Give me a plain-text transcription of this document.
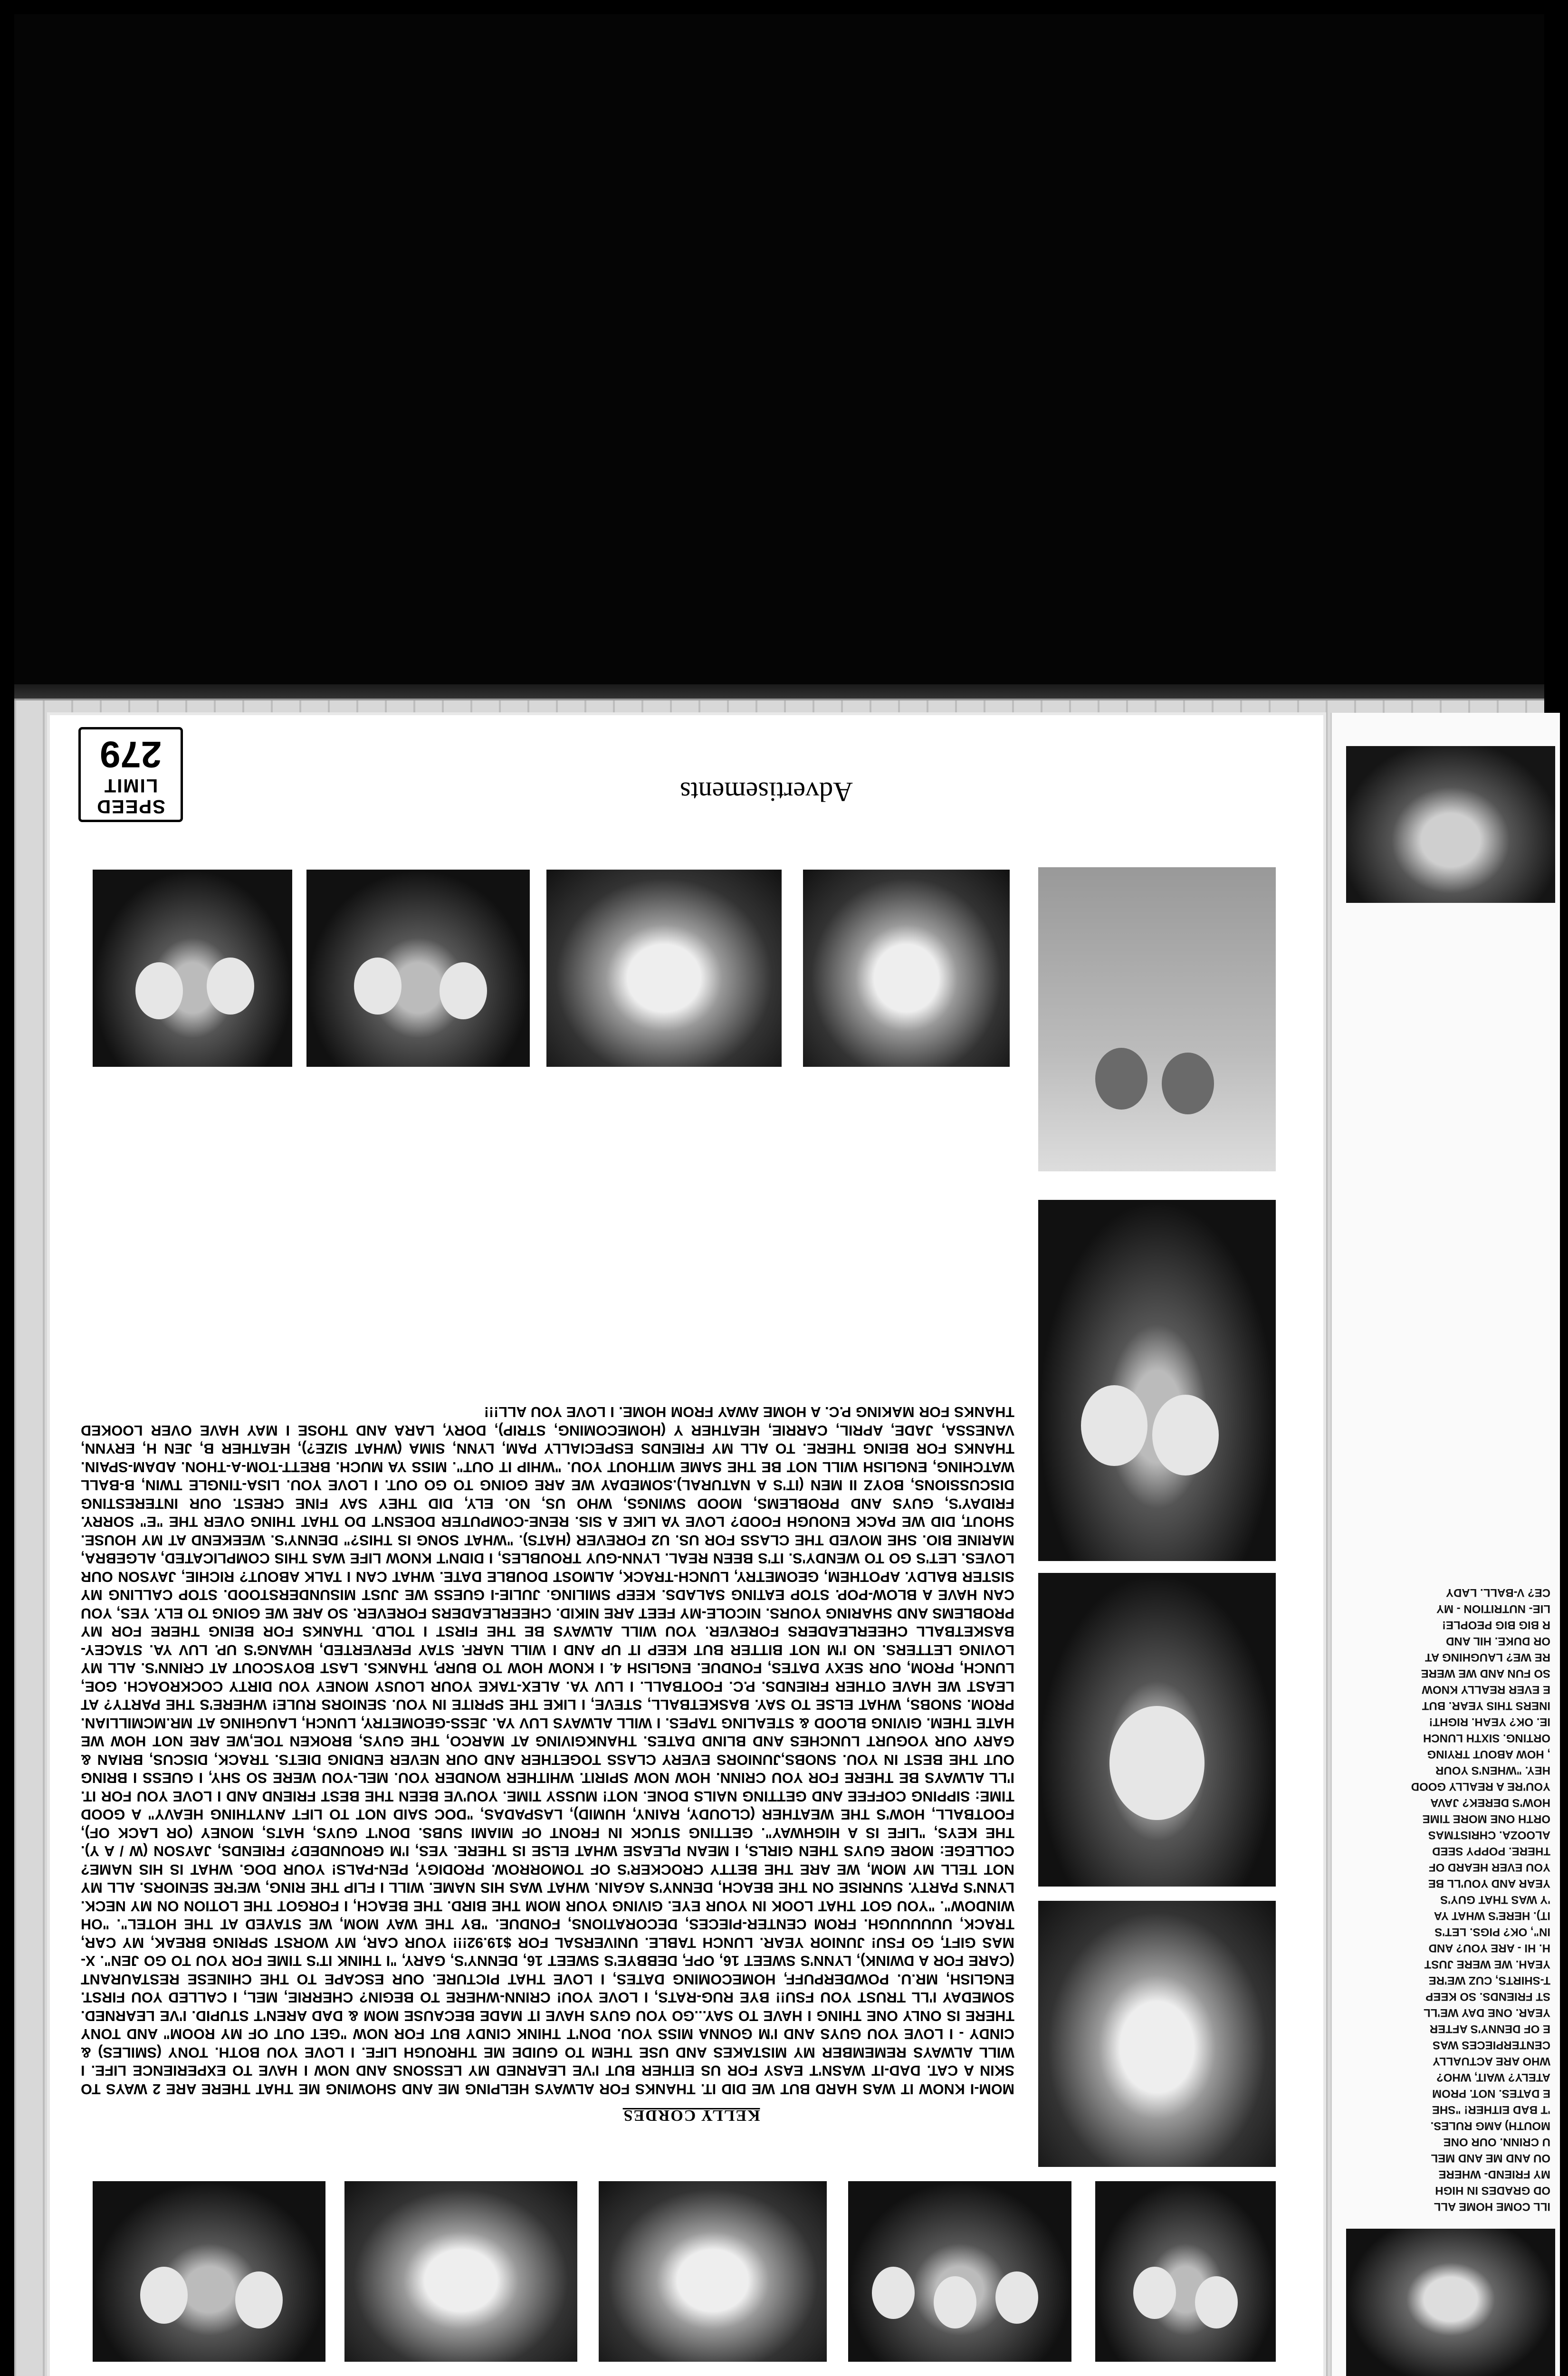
ILL COME HOME ALL

OD GRADES IN HIGH

MY FRIEND- WHERE

OU AND ME AND MEL

U CRINN. OUR ONE

MOUTH) AMG RULES.

'T BAD EITHER! "SHE

E DATES. NOT. PROM

ATELY? WAIT, WHO?

WHO ARE ACTUALLY

CENTERPIECES WAS

E OF DENNY'S AFTER

YEAR. ONE DAY WE'LL

ST FRIENDS. SO KEEP

T-SHIRTS, CUZ WE'RE

YEAH. WE WERE JUST

H. HI - ARE YOU? AND

IN", OK? PIGS. LET'S

IT). HERE'S WHAT YA

'Y WAS THAT GUY'S

YEAR AND YOU'LL BE

YOU EVER HEARD OF

THERE. POPPY SEED

ALOOZA. CHRISTMAS

ORTH ONE MORE TIME

HOW'S DEREK? JAVA

YOU'RE A REALLY GOOD

HEY. "WHEN'S YOUR

, HOW ABOUT TRYING

ORTING. SIXTH LUNCH

IE. OK? YEAH. RIGHT!

INERS THIS YEAR. BUT

E EVER REALLY KNOW

SO FUN AND WE WERE

RE WE? LAUGHING AT

OR DUKE. HIL AND

R BIG BIG PEOPLE!

LIE- NUTRITION - MY

CE? V-BALL. LADY

KELLY CORDES

MOM-I KNOW IT WAS HARD BUT WE DID IT. THANKS FOR ALWAYS HELPING ME AND SHOWING ME THAT THERE ARE 2 WAYS TO SKIN A CAT. DAD-IT WASN'T EASY FOR US EITHER BUT I'VE LEARNED MY LESSONS AND NOW I HAVE TO EXPERIENCE LIFE. I WILL ALWAYS REMEMBER MY MISTAKES AND USE THEM TO GUIDE ME THROUGH LIFE. I LOVE YOU BOTH. TONY (SMILES) & CINDY - I LOVE YOU GUYS AND I'M GONNA MISS YOU. DON'T THINK CINDY BUT FOR NOW "GET OUT OF MY ROOM" AND TONY THERE IS ONLY ONE THING I HAVE TO SAY...GO YOU GUYS HAVE IT MADE BECAUSE MOM & DAD AREN'T STUPID. I'VE LEARNED. SOMEDAY I'LL TRUST YOU FSU!! BYE RUG-RATS, I LOVE YOU! CRINN-WHERE TO BEGIN? CHERRIE, MEL, I CALLED YOU FIRST. ENGLISH, MR.U. POWDERPUFF, HOMECOMING DATES, I LOVE THAT PICTURE. OUR ESCAPE TO THE CHINESE RESTAURANT (CARE FOR A DWINK), LYNN'S SWEET 16, OPF, DEBBYE'S SWEET 16, DENNY'S, GARY, "I THINK IT'S TIME FOR YOU TO GO JEN". X-MAS GIFT, GO FSU! JUNIOR YEAR. LUNCH TABLE. UNIVERSAL FOR $19.92!!! YOUR CAR, MY WORST SPRING BREAK, MY CAR, TRACK, UUUUUUGH. FROM CENTER-PIECES, DECORATIONS, FONDUE. "BY THE WAY MOM, WE STAYED AT THE HOTEL". "OH WINDOW". "YOU GOT THAT LOOK IN YOUR EYE. GIVING YOUR MOM THE BIRD. THE BEACH, I FORGOT THE LOTION ON MY NECK. LYNN'S PARTY. SUNRISE ON THE BEACH, DENNY'S AGAIN. WHAT WAS HIS NAME. WILL I FLIP THE RING, WE'RE SENIORS. ALL MY NOT TELL MY MOM, WE ARE THE BETTY CROCKER'S OF TOMORROW. PRODIGY, PEN-PALS! YOUR DOG. WHAT IS HIS NAME? COLLEGE: MORE GUYS THEN GIRLS, I MEAN PLEASE WHAT ELSE IS THERE. YES, I'M GROUNDED? FRIENDS, JAYSON (W / A Y). THE KEYS, "LIFE IS A HIGHWAY". GETTING STUCK IN FRONT OF MIAMI SUBS. DON'T GUYS, HATS, MONEY (OR LACK OF), FOOTBALL, HOW'S THE WEATHER (CLOUDY, RAINY, HUMID), LASPADAS, "DOC SAID NOT TO LIFT ANYTHING HEAVY" A GOOD TIME: SIPPING COFFEE AND GETTING NAILS DONE. NOT! MUSSY TIME. YOU'VE BEEN THE BEST FRIEND AND I LOVE YOU FOR IT. I'LL ALWAYS BE THERE FOR YOU CRINN. HOW NOW SPIRIT. WHITHER WONDER YOU. MEL-YOU WERE SO SHY, I GUESS I BRING OUT THE BEST IN YOU. SNOBS,JUNIORS EVERY CLASS TOGETHER AND OUR NEVER ENDING DIETS. TRACK, DISCUS, BRIAN & GARY OUR YOGURT LUNCHES AND BLIND DATES. THANKGIVING AT MARCO, THE GUYS, BROKEN TOE,WE ARE NOT HOW WE HATE THEM. GIVING BLOOD & STEALING TAPES. I WILL ALWAYS LUV YA. JESS-GEOMETRY, LUNCH, LAUGHING AT MR.MCMILLIAN. PROM. SNOBS, WHAT ELSE TO SAY. BASKETBALL, STEVE, I LIKE THE SPRITE IN YOU. SENIORS RULE! WHERE'S THE PARTY? AT LEAST WE HAVE OTHER FRIENDS. P.C. FOOTBALL. I LUV YA. ALEX-TAKE YOUR LOUSY MONEY YOU DIRTY COCKROACH. GOE, LUNCH, PROM, OUR SEXY DATES, FONDUE. ENGLISH 4. I KNOW HOW TO BURP, THANKS. LAST BOYSCOUT AT CRINN'S. ALL MY LOVING LETTERS. NO I'M NOT BITTER BUT KEEP IT UP AND I WILL NARF. STAY PERVERTED, HWANG'S UP. LUV YA. STACEY-BASKETBALL CHEERLEADERS FOREVER. YOU WILL ALWAYS BE THE FIRST I TOLD. THANKS FOR BEING THERE FOR MY PROBLEMS AND SHARING YOURS. NICOLE-MY FEET ARE NIKID. CHEERLEADERS FOREVER. SO ARE WE GOING TO ELY. YES, YOU CAN HAVE A BLOW-POP. STOP EATING SALADS. KEEP SMILING. JULIE-I GUESS WE JUST MISUNDERSTOOD. STOP CALLING MY SISTER BALDY. APOTHEM, GEOMETRY, LUNCH-TRACK, ALMOST DOUBLE DATE. WHAT CAN I TALK ABOUT? RICHIE, JAYSON OUR LOVES. LET'S GO TO WENDY'S. IT'S BEEN REAL. LYNN-GUY TROUBLES, I DIDN'T KNOW LIFE WAS THIS COMPLICATED, ALGEBRA, MARINE BIO. SHE MOVED THE CLASS FOR US. U2 FOREVER (HATS). "WHAT SONG IS THIS?" DENNY'S. WEEKEND AT MY HOUSE. SHOUT, DID WE PACK ENOUGH FOOD? LOVE YA LIKE A SIS. RENE-COMPUTER DOESN'T DO THAT THING OVER THE "E" SORRY. FRIDAY'S, GUYS AND PROBLEMS, MOOD SWINGS, WHO US, NO. ELY, DID THEY SAY FINE CREST. OUR INTERESTING DISCUSSIONS, BOYZ II MEN (IT'S A NATURAL).SOMEDAY WE ARE GOING TO GO OUT. I LOVE YOU. LISA-TINGLE TWIN, B-BALL WATCHING, ENGLISH WILL NOT BE THE SAME WITHOUT YOU. "WHIP IT OUT". MISS YA MUCH. BRETT-TOM-A-THON. ADAM-SPAIN. THANKS FOR BEING THERE. TO ALL MY FRIENDS ESPECIALLY PAM, LYNN, SIMA (WHAT SIZE?), HEATHER B, JEN H, ERYNN, VANESSA, JADE, APRIL, CARRIE, HEATHER Y (HOMECOMING, STRIP), DORY, LARA AND THOSE I MAY HAVE OVER LOOKED THANKS FOR MAKING P.C. A HOME AWAY FROM HOME. I LOVE YOU ALL!!!

Advertisements
SPEED
LIMIT
279
